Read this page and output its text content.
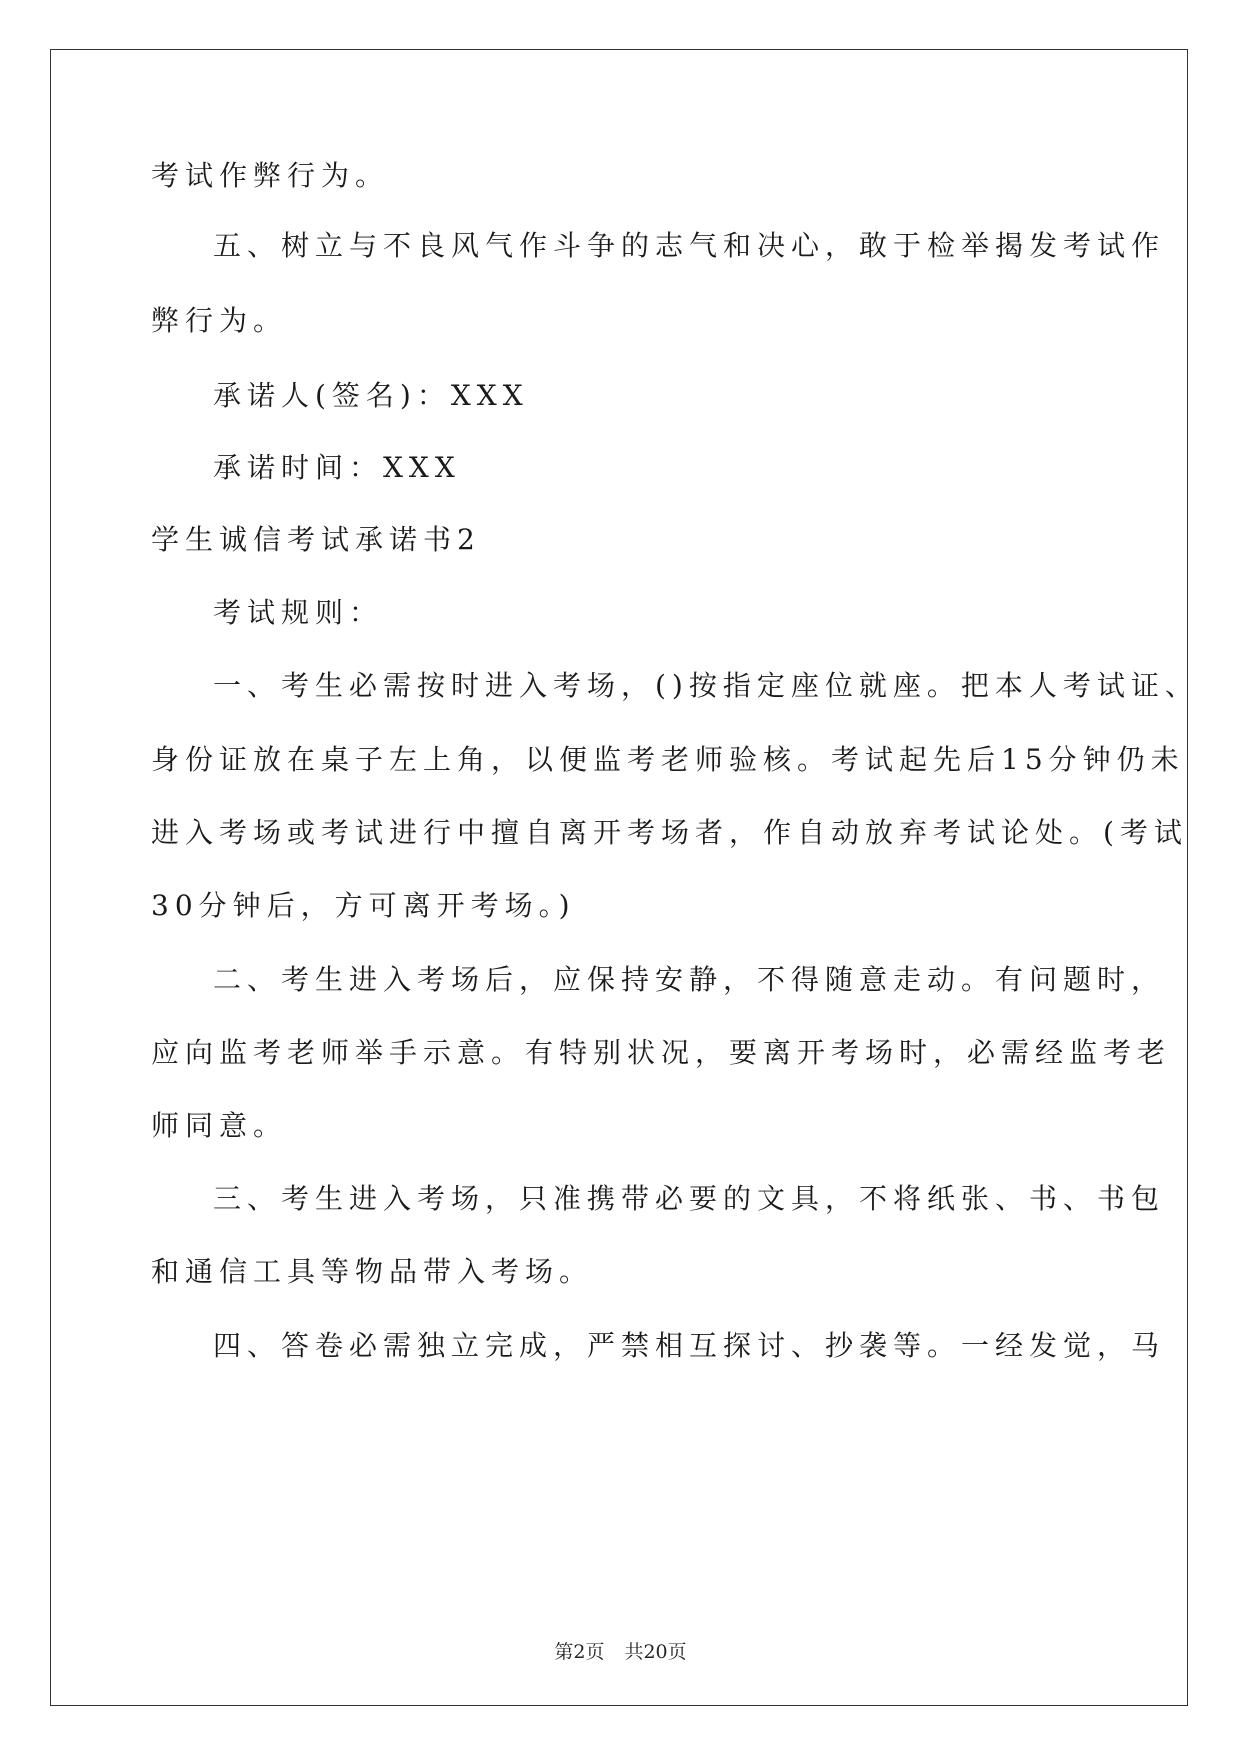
考试作弊行为。
五、树立与不良风气作斗争的志气和决心，敢于检举揭发考试作
弊行为。
承诺人(签名)：XXX
承诺时间：XXX
学生诚信考试承诺书2
考试规则：
一、考生必需按时进入考场，()按指定座位就座。把本人考试证、
身份证放在桌子左上角，以便监考老师验核。考试起先后15分钟仍未
进入考场或考试进行中擅自离开考场者，作自动放弃考试论处。(考试
30分钟后，方可离开考场。)
二、考生进入考场后，应保持安静，不得随意走动。有问题时，
应向监考老师举手示意。有特别状况，要离开考场时，必需经监考老
师同意。
三、考生进入考场，只准携带必要的文具，不将纸张、书、书包
和通信工具等物品带入考场。
四、答卷必需独立完成，严禁相互探讨、抄袭等。一经发觉，马
第2页 共20页
